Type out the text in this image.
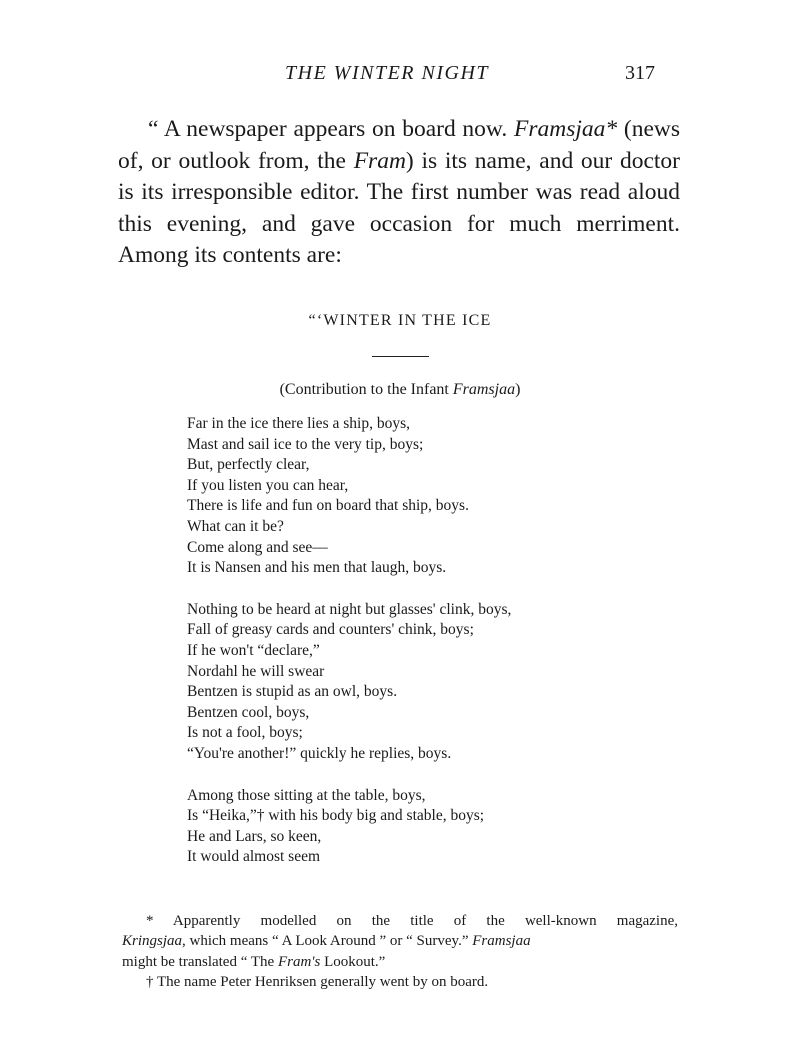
THE WINTER NIGHT	317

“ A newspaper appears on board now. Framsjaa* (news of, or outlook from, the Fram) is its name, and our doctor is its irresponsible editor. The first number was read aloud this evening, and gave occasion for much merriment. Among its contents are:

“‘WINTER IN THE ICE
(Contribution to the Infant Framsjaa)
Far in the ice there lies a ship, boys,
Mast and sail ice to the very tip, boys;
But, perfectly clear,
If you listen you can hear,
There is life and fun on board that ship, boys.
What can it be?
Come along and see—
It is Nansen and his men that laugh, boys.
Nothing to be heard at night but glasses' clink, boys,
Fall of greasy cards and counters' chink, boys;
If he won't “declare,”
Nordahl he will swear
Bentzen is stupid as an owl, boys.
Bentzen cool, boys,
Is not a fool, boys;
“You're another!” quickly he replies, boys.
Among those sitting at the table, boys,
Is “Heika,”† with his body big and stable, boys;
He and Lars, so keen,
It would almost seem

* Apparently modelled on the title of the well-known magazine,

Kringsjaa, which means “ A Look Around ” or “ Survey.” Framsjaa

might be translated “ The Fram's Lookout.”

† The name Peter Henriksen generally went by on board.
